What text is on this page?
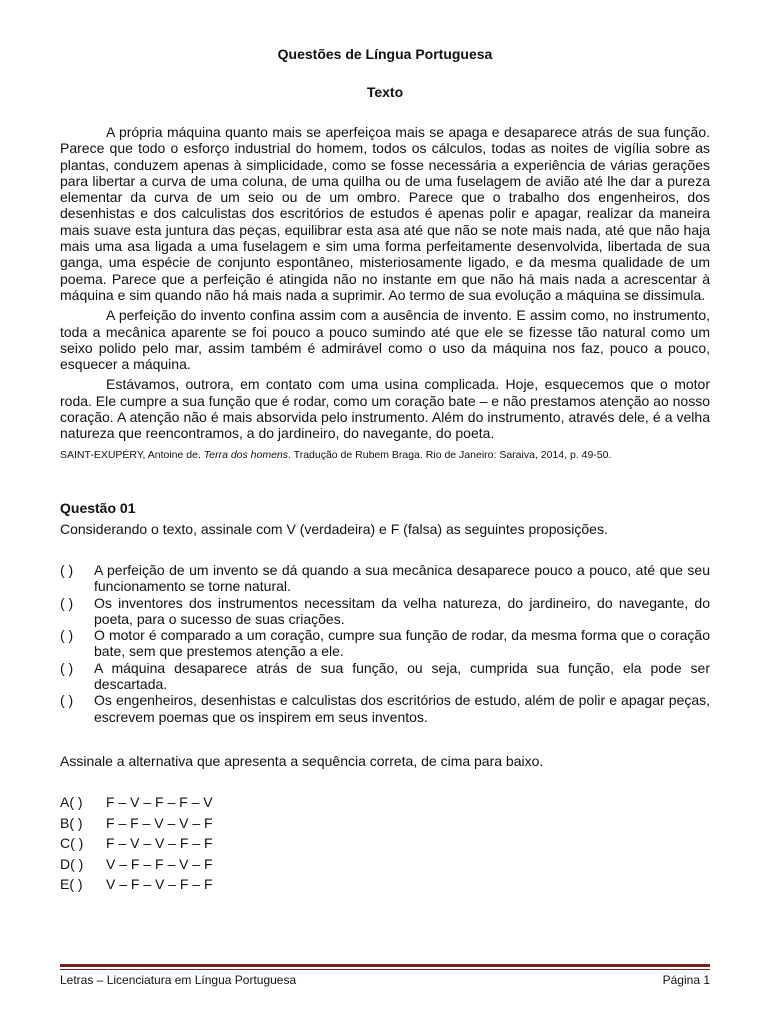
Questões de Língua Portuguesa
Texto

A própria máquina quanto mais se aperfeiçoa mais se apaga e desaparece atrás de sua função. Parece que todo o esforço industrial do homem, todos os cálculos, todas as noites de vigília sobre as plantas, conduzem apenas à simplicidade, como se fosse necessária a experiência de várias gerações para libertar a curva de uma coluna, de uma quilha ou de uma fuselagem de avião até lhe dar a pureza elementar da curva de um seio ou de um ombro. Parece que o trabalho dos engenheiros, dos desenhistas e dos calculistas dos escritórios de estudos é apenas polir e apagar, realizar da maneira mais suave esta juntura das peças, equilibrar esta asa até que não se note mais nada, até que não haja mais uma asa ligada a uma fuselagem e sim uma forma perfeitamente desenvolvida, libertada de sua ganga, uma espécie de conjunto espontâneo, misteriosamente ligado, e da mesma qualidade de um poema. Parece que a perfeição é atingida não no instante em que não há mais nada a acrescentar à máquina e sim quando não há mais nada a suprimir. Ao termo de sua evolução a máquina se dissimula.

A perfeição do invento confina assim com a ausência de invento. E assim como, no instrumento, toda a mecânica aparente se foi pouco a pouco sumindo até que ele se fizesse tão natural como um seixo polido pelo mar, assim também é admirável como o uso da máquina nos faz, pouco a pouco, esquecer a máquina.

Estávamos, outrora, em contato com uma usina complicada. Hoje, esquecemos que o motor roda. Ele cumpre a sua função que é rodar, como um coração bate – e não prestamos atenção ao nosso coração. A atenção não é mais absorvida pelo instrumento. Além do instrumento, através dele, é a velha natureza que reencontramos, a do jardineiro, do navegante, do poeta.

SAINT-EXUPÉRY, Antoine de. Terra dos homens. Tradução de Rubem Braga. Rio de Janeiro: Saraiva, 2014, p. 49-50.
Questão 01
Considerando o texto, assinale com V (verdadeira) e F (falsa) as seguintes proposições.
( )	A perfeição de um invento se dá quando a sua mecânica desaparece pouco a pouco, até que seu funcionamento se torne natural.
( )	Os inventores dos instrumentos necessitam da velha natureza, do jardineiro, do navegante, do poeta, para o sucesso de suas criações.
( )	O motor é comparado a um coração, cumpre sua função de rodar, da mesma forma que o coração bate, sem que prestemos atenção a ele.
( )	A máquina desaparece atrás de sua função, ou seja, cumprida sua função, ela pode ser descartada.
( )	Os engenheiros, desenhistas e calculistas dos escritórios de estudo, além de polir e apagar peças, escrevem poemas que os inspirem em seus inventos.
Assinale a alternativa que apresenta a sequência correta, de cima para baixo.
A( )	F – V – F – F – V
B( )	F – F – V – V – F
C( )	F – V – V – F – F
D( )	V – F – F – V – F
E( )	V – F – V – F – F
Letras – Licenciatura em Língua Portuguesa	Página 1
